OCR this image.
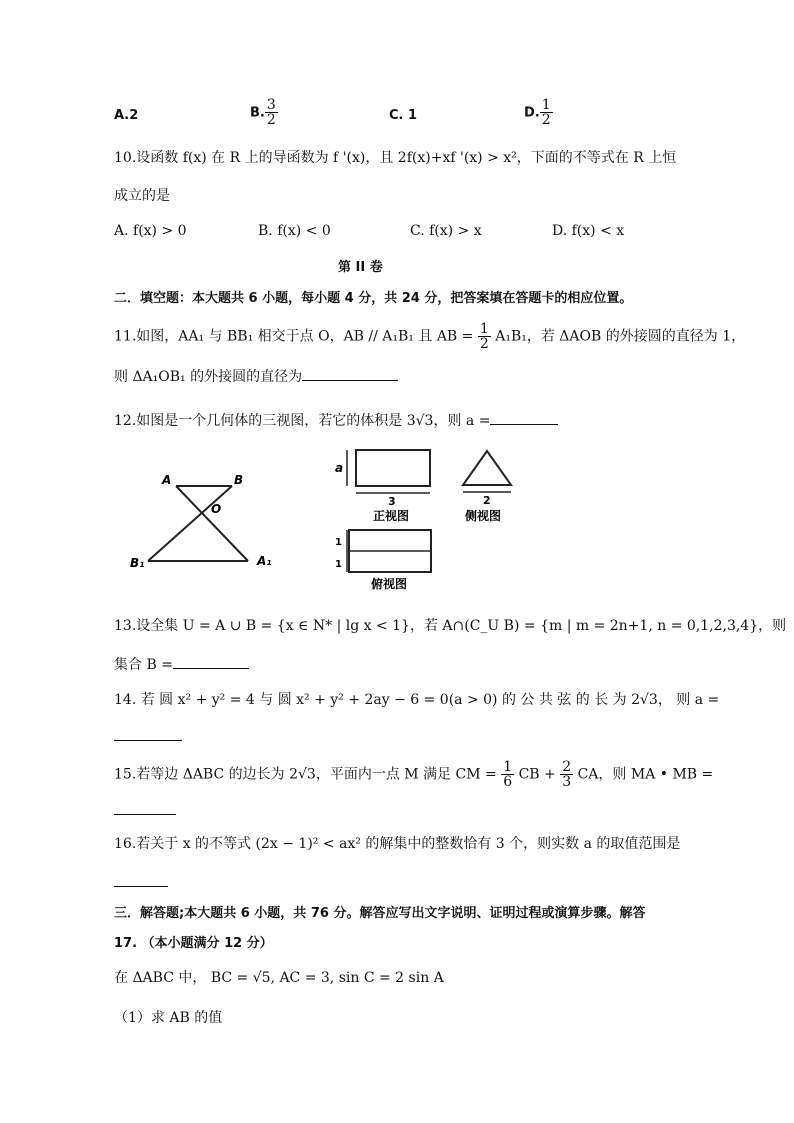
A.2	B. $\frac{3}{2}$	C. 1	D. $\frac{1}{2}$
10.设函数 f(x) 在 R 上的导函数为 f '(x)，且 2f(x)+xf '(x) > x²，下面的不等式在 R 上恒
成立的是
A. f(x) > 0	B. f(x) < 0	C. f(x) > x	D. f(x) < x
第 II 卷
二．填空题：本大题共 6 小题，每小题 4 分，共 24 分，把答案填在答题卡的相应位置。
11.如图，AA₁ 与 BB₁ 相交于点 O，AB // A₁B₁ 且 AB = $\frac{1}{2} A_1B_1$，若 ΔAOB 的外接圆的直径为 1，
则 ΔA₁OB₁ 的外接圆的直径为
12.如图是一个几何体的三视图，若它的体积是 3√3，则 a =
A	B
O
B₁	A₁
a
3
正视图
2
侧视图
1
1
俯视图
13.设全集 U = A ∪ B = {x ∈ N* | lg x < 1}，若 A∩(C_U B) = {m | m = 2n+1, n = 0,1,2,3,4}，则
集合 B =
14. 若 圆 x² + y² = 4 与 圆 x² + y² + 2ay − 6 = 0(a > 0) 的 公 共 弦 的 长 为 2√3， 则 a =
15.若等边 ΔABC 的边长为 2√3，平面内一点 M 满足 CM = $\frac{1}{6}$ CB + $\frac{2}{3}$ CA，则 MA • MB =
16.若关于 x 的不等式 (2x − 1)² < ax² 的解集中的整数恰有 3 个，则实数 a 的取值范围是
三．解答题;本大题共 6 小题，共 76 分。解答应写出文字说明、证明过程或演算步骤。解答
17. （本小题满分 12 分）
在 ΔABC 中， BC = √5, AC = 3, sin C = 2 sin A
（1）求 AB 的值
